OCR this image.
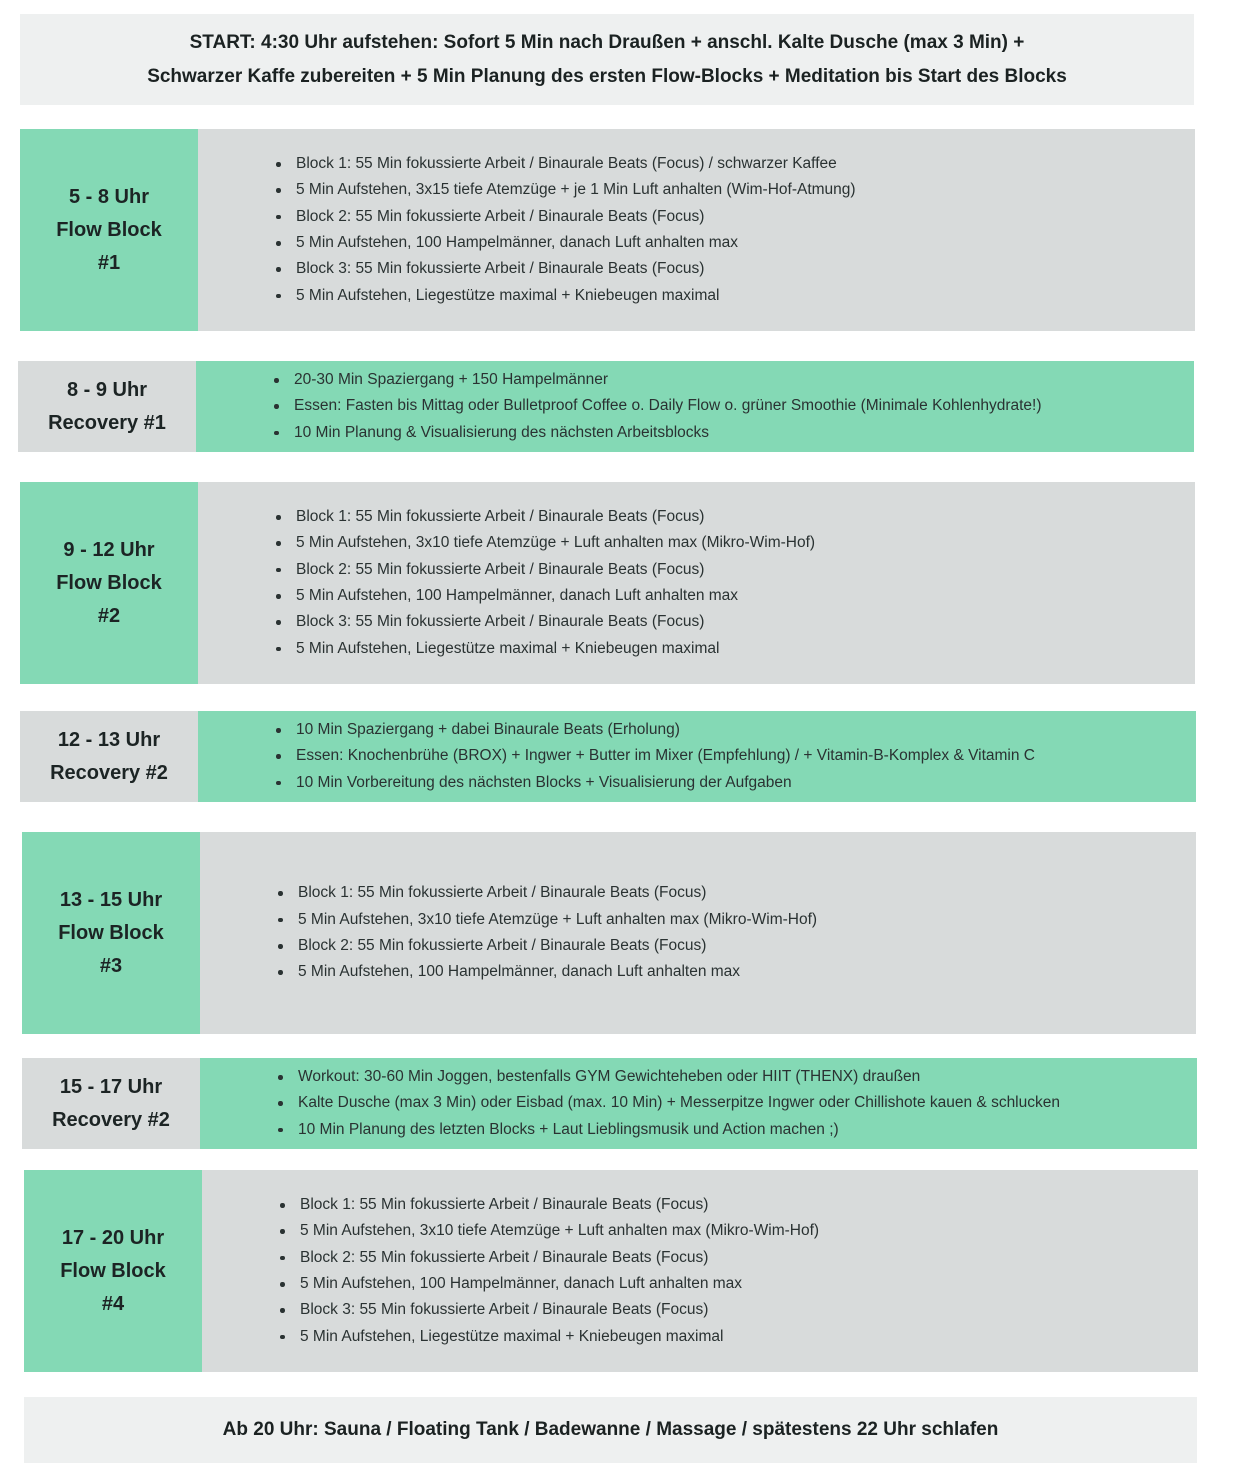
START: 4:30 Uhr aufstehen: Sofort 5 Min nach Draußen + anschl. Kalte Dusche (max 3 Min) +
Schwarzer Kaffe zubereiten + 5 Min Planung des ersten Flow-Blocks + Meditation bis Start des Blocks
5 - 8 Uhr
Flow Block
#1
Block 1: 55 Min fokussierte Arbeit / Binaurale Beats (Focus) / schwarzer Kaffee
5 Min Aufstehen, 3x15 tiefe Atemzüge + je 1 Min Luft anhalten (Wim-Hof-Atmung)
Block 2: 55 Min fokussierte Arbeit / Binaurale Beats (Focus)
5 Min Aufstehen, 100 Hampelmänner, danach Luft anhalten max
Block 3: 55 Min fokussierte Arbeit / Binaurale Beats (Focus)
5 Min Aufstehen, Liegestütze maximal + Kniebeugen maximal
8 - 9 Uhr
Recovery #1
20-30 Min Spaziergang + 150 Hampelmänner
Essen: Fasten bis Mittag oder Bulletproof Coffee o. Daily Flow o. grüner Smoothie (Minimale Kohlenhydrate!)
10 Min Planung & Visualisierung des nächsten Arbeitsblocks
9 - 12 Uhr
Flow Block
#2
Block 1: 55 Min fokussierte Arbeit / Binaurale Beats (Focus)
5 Min Aufstehen, 3x10 tiefe Atemzüge + Luft anhalten max (Mikro-Wim-Hof)
Block 2: 55 Min fokussierte Arbeit / Binaurale Beats (Focus)
5 Min Aufstehen, 100 Hampelmänner, danach Luft anhalten max
Block 3: 55 Min fokussierte Arbeit / Binaurale Beats (Focus)
5 Min Aufstehen, Liegestütze maximal + Kniebeugen maximal
12 - 13 Uhr
Recovery #2
10 Min Spaziergang + dabei Binaurale Beats (Erholung)
Essen: Knochenbrühe (BROX) + Ingwer + Butter im Mixer (Empfehlung) / + Vitamin-B-Komplex & Vitamin C
10 Min Vorbereitung des nächsten Blocks + Visualisierung der Aufgaben
13 - 15 Uhr
Flow Block
#3
Block 1: 55 Min fokussierte Arbeit / Binaurale Beats (Focus)
5 Min Aufstehen, 3x10 tiefe Atemzüge + Luft anhalten max (Mikro-Wim-Hof)
Block 2: 55 Min fokussierte Arbeit / Binaurale Beats (Focus)
5 Min Aufstehen, 100 Hampelmänner, danach Luft anhalten max
15 - 17 Uhr
Recovery #2
Workout: 30-60 Min Joggen, bestenfalls GYM Gewichteheben oder HIIT (THENX) draußen
Kalte Dusche (max 3 Min) oder Eisbad (max. 10 Min) + Messerpitze Ingwer oder Chillishote kauen & schlucken
10 Min Planung des letzten Blocks + Laut Lieblingsmusik und Action machen ;)
17 - 20 Uhr
Flow Block
#4
Block 1: 55 Min fokussierte Arbeit / Binaurale Beats (Focus)
5 Min Aufstehen, 3x10 tiefe Atemzüge + Luft anhalten max (Mikro-Wim-Hof)
Block 2: 55 Min fokussierte Arbeit / Binaurale Beats (Focus)
5 Min Aufstehen, 100 Hampelmänner, danach Luft anhalten max
Block 3: 55 Min fokussierte Arbeit / Binaurale Beats (Focus)
5 Min Aufstehen, Liegestütze maximal + Kniebeugen maximal
Ab 20 Uhr: Sauna / Floating Tank / Badewanne / Massage / spätestens 22 Uhr schlafen
